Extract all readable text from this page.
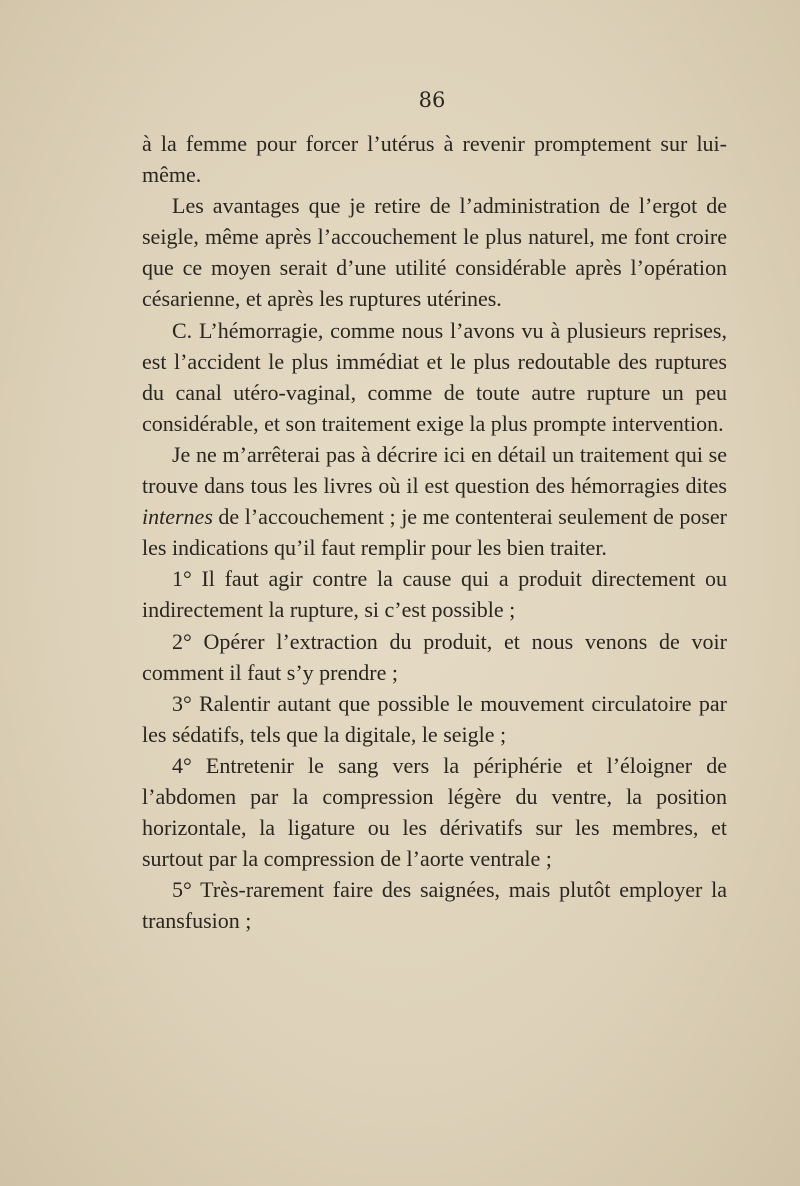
86

à la femme pour forcer l’utérus à revenir promptement sur lui-même.

Les avantages que je retire de l’administration de l’ergot de seigle, même après l’accouchement le plus naturel, me font croire que ce moyen serait d’une utilité considérable après l’opération césarienne, et après les ruptures utérines.

C. L’hémorragie, comme nous l’avons vu à plusieurs reprises, est l’accident le plus immédiat et le plus redoutable des ruptures du canal utéro-vaginal, comme de toute autre rupture un peu considérable, et son traitement exige la plus prompte intervention.

Je ne m’arrêterai pas à décrire ici en détail un traitement qui se trouve dans tous les livres où il est question des hémorragies dites internes de l’accouchement ; je me contenterai seulement de poser les indications qu’il faut remplir pour les bien traiter.

1° Il faut agir contre la cause qui a produit directement ou indirectement la rupture, si c’est possible ;

2° Opérer l’extraction du produit, et nous venons de voir comment il faut s’y prendre ;

3° Ralentir autant que possible le mouvement circulatoire par les sédatifs, tels que la digitale, le seigle ;

4° Entretenir le sang vers la périphérie et l’éloigner de l’abdomen par la compression légère du ventre, la position horizontale, la ligature ou les dérivatifs sur les membres, et surtout par la compression de l’aorte ventrale ;

5° Très-rarement faire des saignées, mais plutôt employer la transfusion ;
